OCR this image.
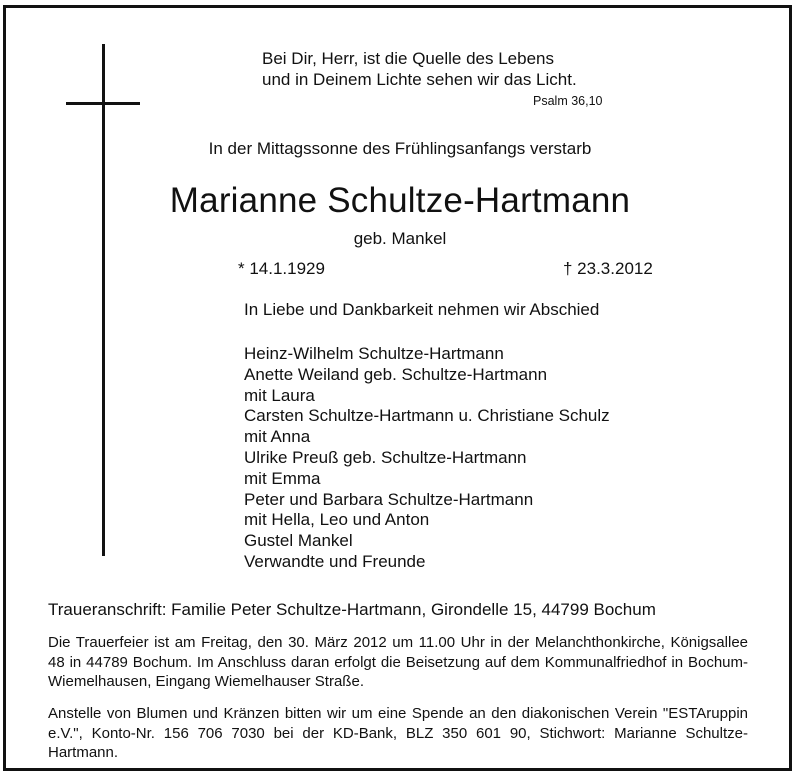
Bei Dir, Herr, ist die Quelle des Lebens
und in Deinem Lichte sehen wir das Licht.
Psalm 36,10
In der Mittagssonne des Frühlingsanfangs verstarb
Marianne Schultze-Hartmann
geb. Mankel
* 14.1.1929	† 23.3.2012
In Liebe und Dankbarkeit nehmen wir Abschied
Heinz-Wilhelm Schultze-Hartmann
Anette Weiland geb. Schultze-Hartmann
mit Laura
Carsten Schultze-Hartmann u. Christiane Schulz
mit Anna
Ulrike Preuß geb. Schultze-Hartmann
mit Emma
Peter und Barbara Schultze-Hartmann
mit Hella, Leo und Anton
Gustel Mankel
Verwandte und Freunde
Traueranschrift: Familie Peter Schultze-Hartmann, Girondelle 15, 44799 Bochum
Die Trauerfeier ist am Freitag, den 30. März 2012 um 11.00 Uhr in der Melanchthonkirche, Königsallee 48 in 44789 Bochum. Im Anschluss daran erfolgt die Beisetzung auf dem Kommunalfriedhof in Bochum-Wiemelhausen, Eingang Wiemelhauser Straße.
Anstelle von Blumen und Kränzen bitten wir um eine Spende an den diakonischen Verein "ESTAruppin e.V.", Konto-Nr. 156 706 7030 bei der KD-Bank, BLZ 350 601 90, Stichwort: Marianne Schultze-Hartmann.
